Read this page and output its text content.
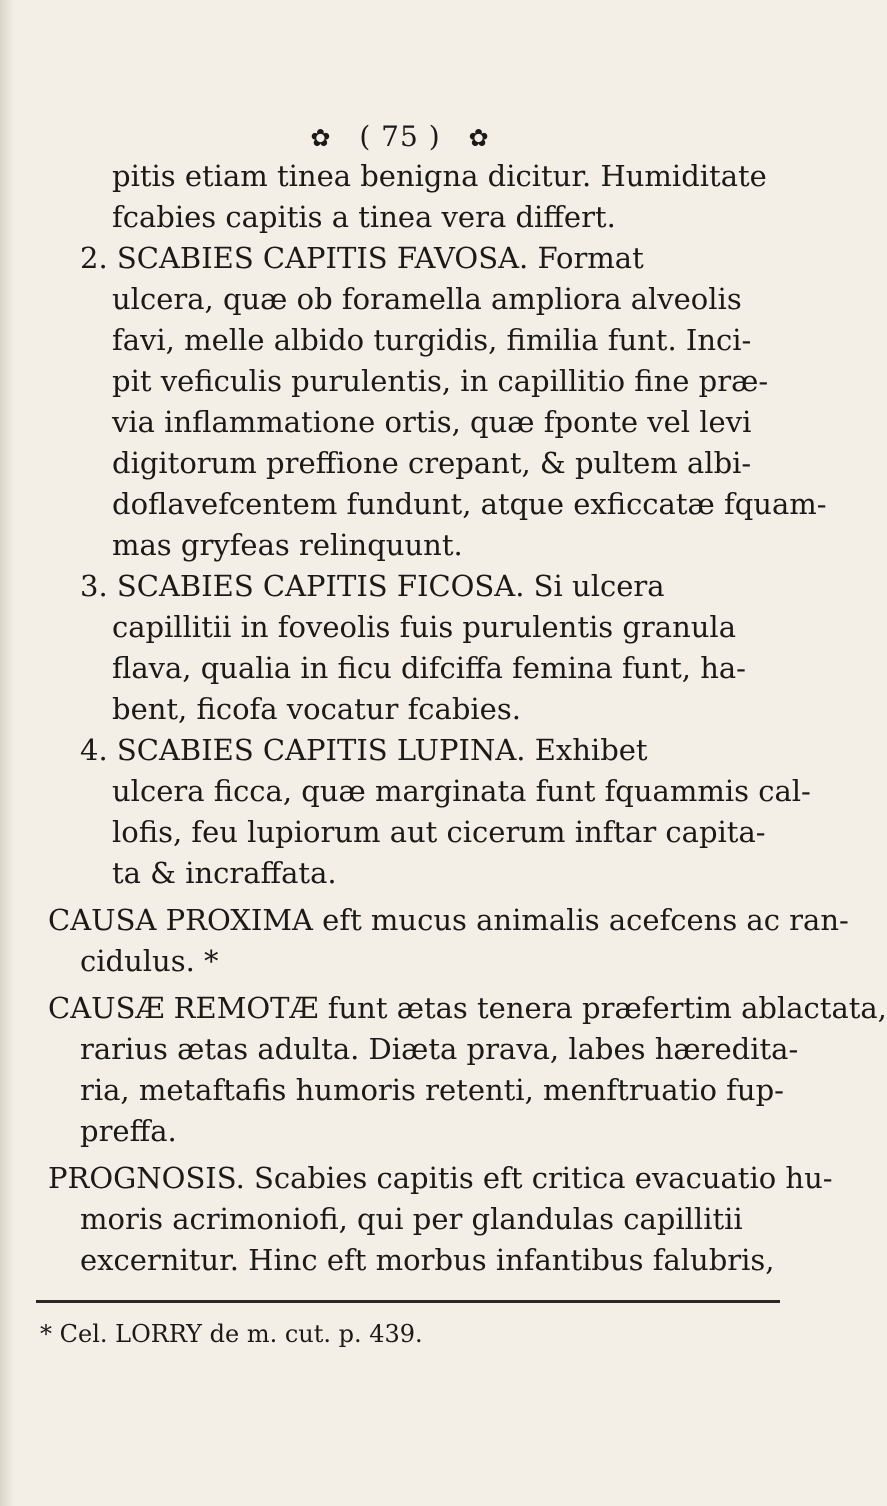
✿ ( 75 ) ✿
pitis etiam tinea benigna dicitur. Humiditate
fcabies capitis a tinea vera differt.
2. SCABIES CAPITIS FAVOSA. Format
ulcera, quæ ob foramella ampliora alveolis
favi, melle albido turgidis, fimilia funt. Inci-
pit veficulis purulentis, in capillitio fine præ-
via inflammatione ortis, quæ fponte vel levi
digitorum preffione crepant, & pultem albi-
doflavefcentem fundunt, atque exficcatæ fquam-
mas gryfeas relinquunt.
3. SCABIES CAPITIS FICOSA. Si ulcera
capillitii in foveolis fuis purulentis granula
flava, qualia in ficu difciffa femina funt, ha-
bent, ficofa vocatur fcabies.
4. SCABIES CAPITIS LUPINA. Exhibet
ulcera ficca, quæ marginata funt fquammis cal-
lofis, feu lupiorum aut cicerum inftar capita-
ta & incraffata.
CAUSA PROXIMA eft mucus animalis acefcens ac ran-
cidulus. *
CAUSÆ REMOTÆ funt ætas tenera præfertim ablactata,
rarius ætas adulta. Diæta prava, labes hæredita-
ria, metaftafis humoris retenti, menftruatio fup-
preffa.
PROGNOSIS. Scabies capitis eft critica evacuatio hu-
moris acrimoniofi, qui per glandulas capillitii
excernitur. Hinc eft morbus infantibus falubris,
* Cel. LORRY de m. cut. p. 439.
